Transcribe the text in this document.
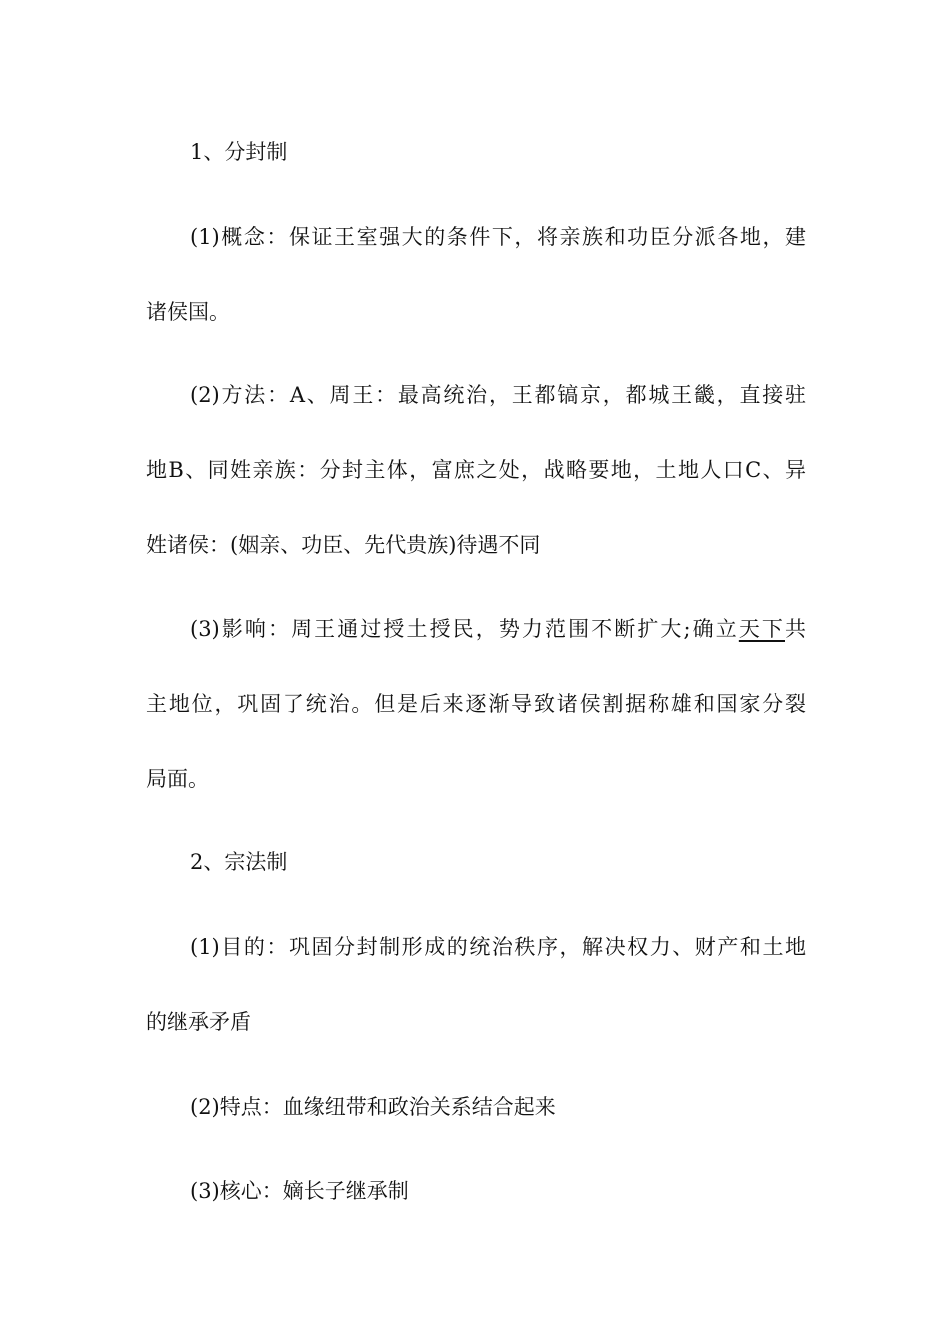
1、分封制
(1)概念：保证王室强大的条件下，将亲族和功臣分派各地，建
诸侯国。
(2)方法：A、周王：最高统治，王都镐京，都城王畿，直接驻
地B、同姓亲族：分封主体，富庶之处，战略要地，土地人口C、异
姓诸侯：(姻亲、功臣、先代贵族)待遇不同
(3)影响：周王通过授土授民，势力范围不断扩大;确立天下共
主地位，巩固了统治。但是后来逐渐导致诸侯割据称雄和国家分裂
局面。
2、宗法制
(1)目的：巩固分封制形成的统治秩序，解决权力、财产和土地
的继承矛盾
(2)特点：血缘纽带和政治关系结合起来
(3)核心：嫡长子继承制
